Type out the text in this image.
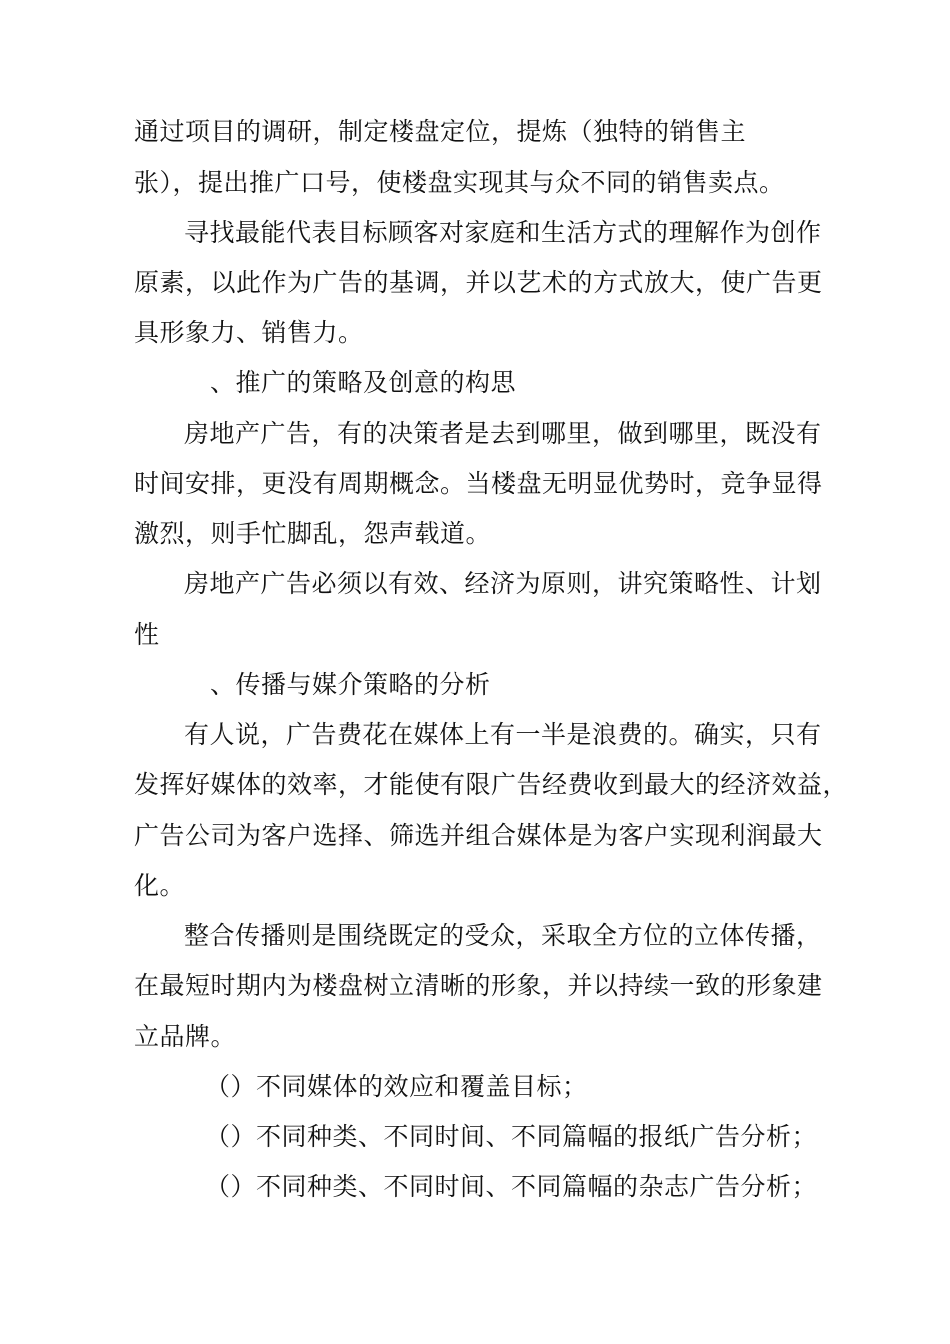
通过项目的调研，制定楼盘定位，提炼（独特的销售主
张），提出推广口号，使楼盘实现其与众不同的销售卖点。
寻找最能代表目标顾客对家庭和生活方式的理解作为创作
原素，以此作为广告的基调，并以艺术的方式放大，使广告更
具形象力、销售力。
、推广的策略及创意的构思
房地产广告，有的决策者是去到哪里，做到哪里，既没有
时间安排，更没有周期概念。当楼盘无明显优势时，竞争显得
激烈，则手忙脚乱，怨声载道。
房地产广告必须以有效、经济为原则，讲究策略性、计划
性
、传播与媒介策略的分析
有人说，广告费花在媒体上有一半是浪费的。确实，只有
发挥好媒体的效率，才能使有限广告经费收到最大的经济效益，
广告公司为客户选择、筛选并组合媒体是为客户实现利润最大
化。
整合传播则是围绕既定的受众，采取全方位的立体传播，
在最短时期内为楼盘树立清晰的形象，并以持续一致的形象建
立品牌。
（）不同媒体的效应和覆盖目标；
（）不同种类、不同时间、不同篇幅的报纸广告分析；
（）不同种类、不同时间、不同篇幅的杂志广告分析；
